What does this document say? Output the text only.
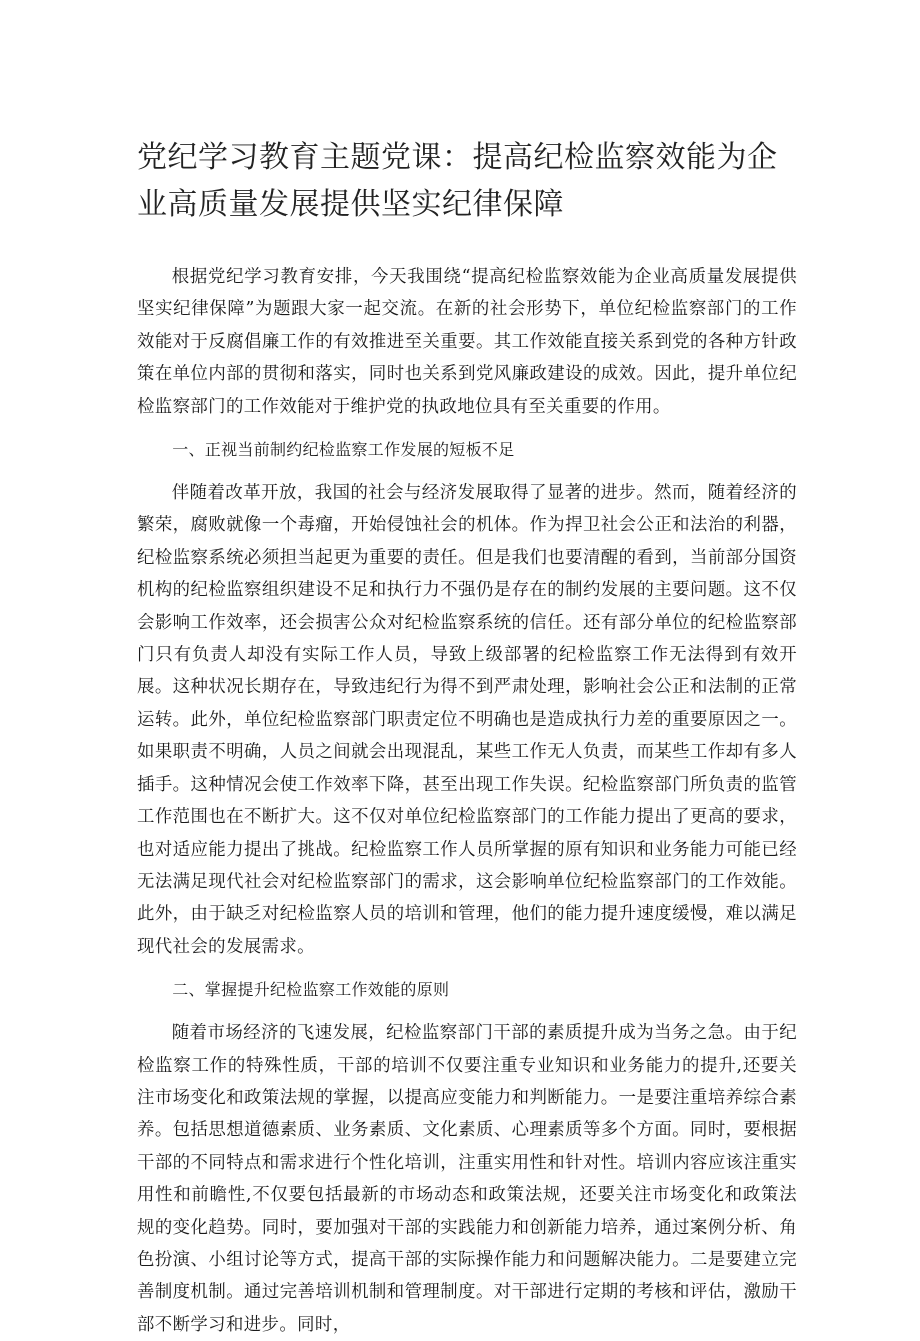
党纪学习教育主题党课：提高纪检监察效能为企业高质量发展提供坚实纪律保障

根据党纪学习教育安排，今天我围绕“提高纪检监察效能为企业高质量发展提供坚实纪律保障”为题跟大家一起交流。在新的社会形势下，单位纪检监察部门的工作效能对于反腐倡廉工作的有效推进至关重要。其工作效能直接关系到党的各种方针政策在单位内部的贯彻和落实，同时也关系到党风廉政建设的成效。因此，提升单位纪检监察部门的工作效能对于维护党的执政地位具有至关重要的作用。

一、正视当前制约纪检监察工作发展的短板不足

伴随着改革开放，我国的社会与经济发展取得了显著的进步。然而，随着经济的繁荣，腐败就像一个毒瘤，开始侵蚀社会的机体。作为捍卫社会公正和法治的利器，纪检监察系统必须担当起更为重要的责任。但是我们也要清醒的看到，当前部分国资机构的纪检监察组织建设不足和执行力不强仍是存在的制约发展的主要问题。这不仅会影响工作效率，还会损害公众对纪检监察系统的信任。还有部分单位的纪检监察部门只有负责人却没有实际工作人员，导致上级部署的纪检监察工作无法得到有效开展。这种状况长期存在，导致违纪行为得不到严肃处理，影响社会公正和法制的正常运转。此外，单位纪检监察部门职责定位不明确也是造成执行力差的重要原因之一。如果职责不明确，人员之间就会出现混乱，某些工作无人负责，而某些工作却有多人插手。这种情况会使工作效率下降，甚至出现工作失误。纪检监察部门所负责的监管工作范围也在不断扩大。这不仅对单位纪检监察部门的工作能力提出了更高的要求，也对适应能力提出了挑战。纪检监察工作人员所掌握的原有知识和业务能力可能已经无法满足现代社会对纪检监察部门的需求，这会影响单位纪检监察部门的工作效能。此外，由于缺乏对纪检监察人员的培训和管理，他们的能力提升速度缓慢，难以满足现代社会的发展需求。

二、掌握提升纪检监察工作效能的原则

随着市场经济的飞速发展，纪检监察部门干部的素质提升成为当务之急。由于纪检监察工作的特殊性质，干部的培训不仅要注重专业知识和业务能力的提升,还要关注市场变化和政策法规的掌握，以提高应变能力和判断能力。一是要注重培养综合素养。包括思想道德素质、业务素质、文化素质、心理素质等多个方面。同时，要根据干部的不同特点和需求进行个性化培训，注重实用性和针对性。培训内容应该注重实用性和前瞻性,不仅要包括最新的市场动态和政策法规，还要关注市场变化和政策法规的变化趋势。同时，要加强对干部的实践能力和创新能力培养，通过案例分析、角色扮演、小组讨论等方式，提高干部的实际操作能力和问题解决能力。二是要建立完善制度机制。通过完善培训机制和管理制度。对干部进行定期的考核和评估，激励干部不断学习和进步。同时，
